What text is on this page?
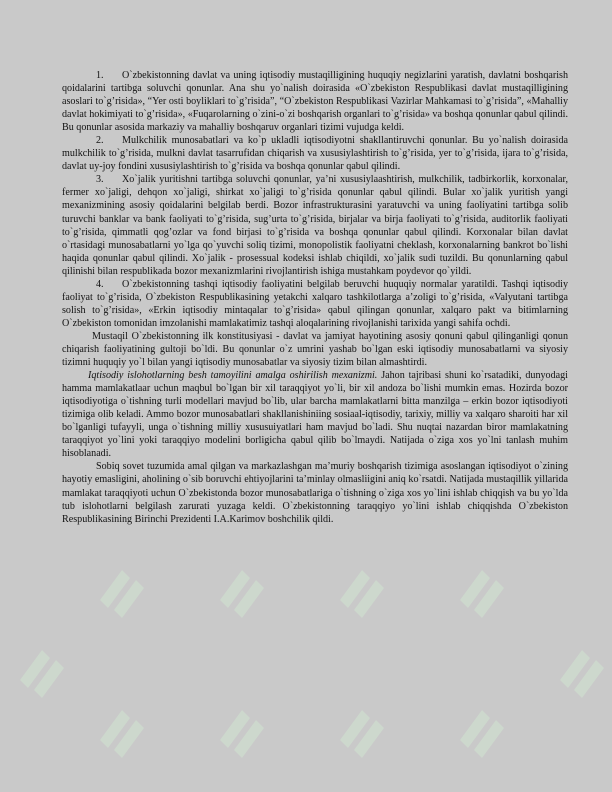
1. O`zbekistonning davlat va uning iqtisodiy mustaqilligining huquqiy negizlarini yaratish, davlatni boshqarish qoidalarini tartibga soluvchi qonunlar. Ana shu yo`nalish doirasida «O`zbekiston Respublikasi davlat mustaqilligining asoslari to`g’risida», “Yer osti boyliklari to`g’risida”, “O`zbekiston Respublikasi Vazirlar Mahkamasi to`g’risida”, «Mahalliy davlat hokimiyati to`g’risida», «Fuqarolarning o`zini-o`zi boshqarish organlari to`g’risida» va boshqa qonunlar qabul qilindi. Bu qonunlar asosida markaziy va mahalliy boshqaruv organlari tizimi vujudga keldi.

2. Mulkchilik munosabatlari va ko`p ukladli iqtisodiyotni shakllantiruvchi qonunlar. Bu yo`nalish doirasida mulkchilik to`g’risida, mulkni davlat tasarrufidan chiqarish va xususiylashtirish to`g’risida, yer to`g’risida, ijara to`g’risida, davlat uy-joy fondini xususiylashtirish to`g’risida va boshqa qonunlar qabul qilindi.

3. Xo`jalik yuritishni tartibga soluvchi qonunlar, ya’ni xususiylaashtirish, mulkchilik, tadbirkorlik, korxonalar, fermer xo`jaligi, dehqon xo`jaligi, shirkat xo`jaligi to`g’risida qonunlar qabul qilindi. Bular xo`jalik yuritish yangi mexanizmining asosiy qoidalarini belgilab berdi. Bozor infrastrukturasini yaratuvchi va uning faoliyatini tartibga solib turuvchi banklar va bank faoliyati to`g’risida, sug’urta to`g’risida, birjalar va birja faoliyati to`g’risida, auditorlik faoliyati to`g’risida, qimmatli qog’ozlar va fond birjasi to`g’risida va boshqa qonunlar qabul qilindi. Korxonalar bilan davlat o`rtasidagi munosabatlarni yo`lga qo`yuvchi soliq tizimi, monopolistik faoliyatni cheklash, korxonalarning bankrot bo`lishi haqida qonunlar qabul qilindi. Xo`jalik - prosessual kodeksi ishlab chiqildi, xo`jalik sudi tuzildi. Bu qonunlarning qabul qilinishi bilan respublikada bozor mexanizmlarini rivojlantirish ishiga mustahkam poydevor qo`yildi.

4. O`zbekistonning tashqi iqtisodiy faoliyatini belgilab beruvchi huquqiy normalar yaratildi. Tashqi iqtisodiy faoliyat to`g’risida, O`zbekiston Respublikasining yetakchi xalqaro tashkilotlarga a’zoligi to`g’risida, «Valyutani tartibga solish to`g’risida», «Erkin iqtisodiy mintaqalar to`g’risida» qabul qilingan qonunlar, xalqaro pakt va bitimlarning O`zbekiston tomonidan imzolanishi mamlakatimiz tashqi aloqalarining rivojlanishi tarixida yangi sahifa ochdi.

Mustaqil O`zbekistonning ilk konstitusiyasi - davlat va jamiyat hayotining asosiy qonuni qabul qilinganligi qonun chiqarish faoliyatining gultoji bo`ldi. Bu qonunlar o`z umrini yashab bo`lgan eski iqtisodiy munosabatlarni va siyosiy tizimni huquqiy yo`l bilan yangi iqtisodiy munosabatlar va siyosiy tizim bilan almashtirdi.

Iqtisodiy islohotlarning besh tamoyilini amalga oshirilish mexanizmi. Jahon tajribasi shuni ko`rsatadiki, dunyodagi hamma mamlakatlaar uchun maqbul bo`lgan bir xil taraqqiyot yo`li, bir xil andoza bo`lishi mumkin emas. Hozirda bozor iqtisodiyotiga o`tishning turli modellari mavjud bo`lib, ular barcha mamlakatlarni bitta manzilga – erkin bozor iqtisodiyoti tizimiga olib keladi. Ammo bozor munosabatlari shakllanishiniing sosiaal-iqtisodiy, tarixiy, milliy va xalqaro sharoiti har xil bo`lganligi tufayyli, unga o`tishning milliy xususuiyatlari ham mavjud bo`ladi. Shu nuqtai nazardan biror mamlakatning taraqqiyot yo`lini yoki taraqqiyo modelini borligicha qabul qilib bo`lmaydi. Natijada o`ziga xos yo`lni tanlash muhim hisoblanadi.

Sobiq sovet tuzumida amal qilgan va markazlashgan ma’muriy boshqarish tizimiga asoslangan iqtisodiyot o`zining hayotiy emasligini, aholining o`sib boruvchi ehtiyojlarini ta’minlay olmasliigini aniq ko`rsatdi. Natijada mustaqillik yillarida mamlakat taraqqiyoti uchun O`zbekistonda bozor munosabatlariga o`tishning o`ziga xos yo`lini ishlab chiqqish va bu yo`lda tub islohotlarni belgilash zarurati yuzaga keldi. O`zbekistonning taraqqiyo yo`lini ishlab chiqqishda O`zbekiston Respublikasining Birinchi Prezidenti I.A.Karimov boshchilik qildi.
